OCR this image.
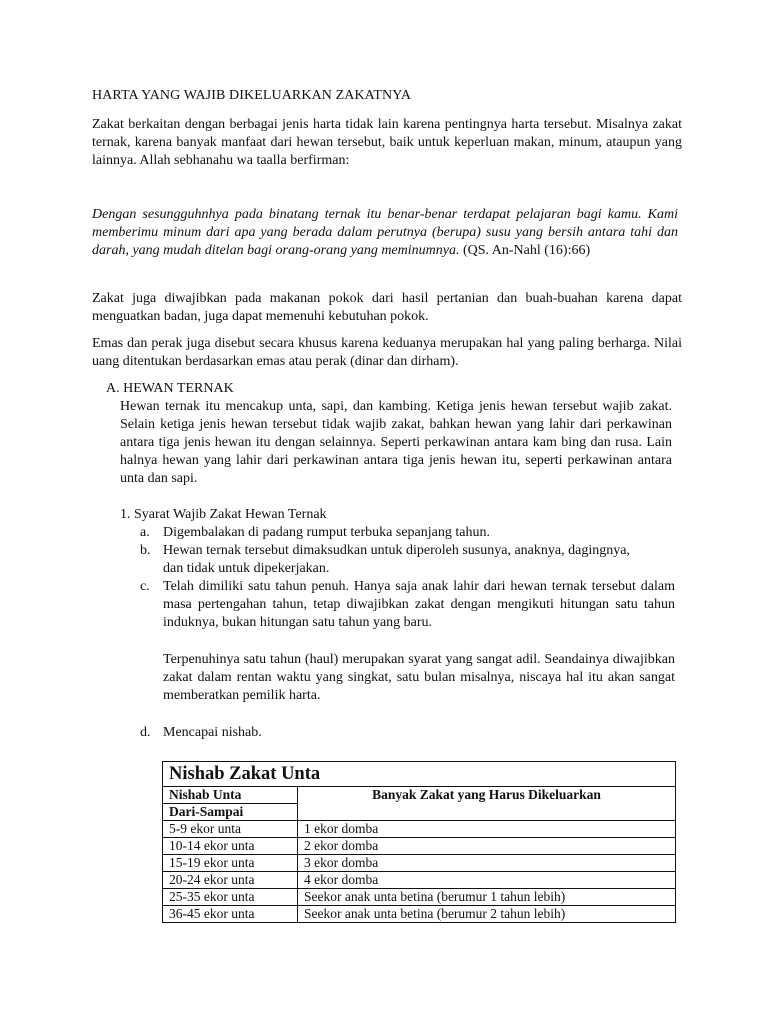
HARTA YANG WAJIB DIKELUARKAN ZAKATNYA

Zakat berkaitan dengan berbagai jenis harta tidak lain karena pentingnya harta tersebut. Misalnya zakat ternak, karena banyak manfaat dari hewan tersebut, baik untuk keperluan makan, minum, ataupun yang lainnya. Allah sebhanahu wa taalla berfirman:

Dengan sesungguhnhya pada binatang ternak itu benar-benar terdapat pelajaran bagi kamu. Kami memberimu minum dari apa yang berada dalam perutnya (berupa) susu yang bersih antara tahi dan darah, yang mudah ditelan bagi orang-orang yang meminumnya. (QS. An-Nahl (16):66)

Zakat juga diwajibkan pada makanan pokok dari hasil pertanian dan buah-buahan karena dapat menguatkan badan, juga dapat memenuhi kebutuhan pokok.

Emas dan perak juga disebut secara khusus karena keduanya merupakan hal yang paling berharga. Nilai uang ditentukan berdasarkan emas atau perak (dinar dan dirham).

A. HEWAN TERNAK

Hewan ternak itu mencakup unta, sapi, dan kambing. Ketiga jenis hewan tersebut wajib zakat. Selain ketiga jenis hewan tersebut tidak wajib zakat, bahkan hewan yang lahir dari perkawinan antara tiga jenis hewan itu dengan selainnya. Seperti perkawinan antara kam bing dan rusa. Lain halnya hewan yang lahir dari perkawinan antara tiga jenis hewan itu, seperti perkawinan antara unta dan sapi.

1. Syarat Wajib Zakat Hewan Ternak
a. Digembalakan di padang rumput terbuka sepanjang tahun.
b. Hewan ternak tersebut dimaksudkan untuk diperoleh susunya, anaknya, dagingnya, dan tidak untuk dipekerjakan.
c. Telah dimiliki satu tahun penuh. Hanya saja anak lahir dari hewan ternak tersebut dalam masa pertengahan tahun, tetap diwajibkan zakat dengan mengikuti hitungan satu tahun induknya, bukan hitungan satu tahun yang baru.

Terpenuhinya satu tahun (haul) merupakan syarat yang sangat adil. Seandainya diwajibkan zakat dalam rentan waktu yang singkat, satu bulan misalnya, niscaya hal itu akan sangat memberatkan pemilik harta.

d. Mencapai nishab.
Nishab Zakat Unta	
Nishab Unta	Banyak Zakat yang Harus Dikeluarkan
Dari-Sampai	
5-9 ekor unta	1 ekor domba
10-14 ekor unta	2 ekor domba
15-19 ekor unta	3 ekor domba
20-24 ekor unta	4 ekor domba
25-35 ekor unta	Seekor anak unta betina (berumur 1 tahun lebih)
36-45 ekor unta	Seekor anak unta betina (berumur 2 tahun lebih)
